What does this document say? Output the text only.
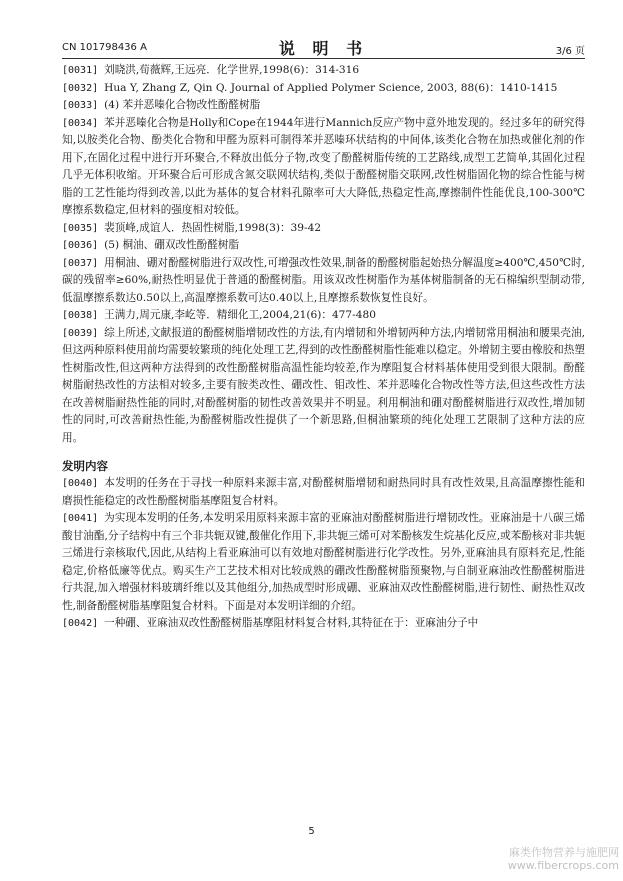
CN 101798436 A	说 明 书	3/6 页

[0031] 刘晓洪,荀薇辉,王远亮．化学世界,1998(6)：314-316

[0032] Hua Y, Zhang Z, Qin Q. Journal of Applied Polymer Science, 2003, 88(6)：1410-1415

[0033] (4) 苯并恶嗪化合物改性酚醛树脂

[0034] 苯并恶嗪化合物是Holly和Cope在1944年进行Mannich反应产物中意外地发现的。经过多年的研究得知,以胺类化合物、酚类化合物和甲醛为原料可制得苯并恶嗪环状结构的中间体,该类化合物在加热或催化剂的作用下,在固化过程中进行开环聚合,不释放出低分子物,改变了酚醛树脂传统的工艺路线,成型工艺简单,其固化过程几乎无体积收缩。开环聚合后可形成含氮交联网状结构,类似于酚醛树脂交联网,改性树脂固化物的综合性能与树脂的工艺性能均得到改善,以此为基体的复合材料孔隙率可大大降低,热稳定性高,摩擦制件性能优良,100-300℃摩擦系数稳定,但材料的强度相对较低。

[0035] 裴顶峰,成谊人．热固性树脂,1998(3)：39-42

[0036] (5) 桐油、硼双改性酚醛树脂

[0037] 用桐油、硼对酚醛树脂进行双改性,可增强改性效果,制备的酚醛树脂起始热分解温度≥400℃,450℃时,碳的残留率≥60%,耐热性明显优于普通的酚醛树脂。用该双改性树脂作为基体树脂制备的无石棉编织型制动带,低温摩擦系数达0.50以上,高温摩擦系数可达0.40以上,且摩擦系数恢复性良好。

[0038] 王满力,周元康,李屹等．精细化工,2004,21(6)：477-480

[0039] 综上所述,文献报道的酚醛树脂增韧改性的方法,有内增韧和外增韧两种方法,内增韧常用桐油和腰果壳油,但这两种原料使用前均需要较繁琐的纯化处理工艺,得到的改性酚醛树脂性能难以稳定。外增韧主要由橡胶和热塑性树脂改性,但这两种方法得到的改性酚醛树脂高温性能均较差,作为摩阻复合材料基体使用受到很大限制。酚醛树脂耐热改性的方法相对较多,主要有胺类改性、硼改性、钼改性、苯并恶嗪化合物改性等方法,但这些改性方法在改善树脂耐热性能的同时,对酚醛树脂的韧性改善效果并不明显。利用桐油和硼对酚醛树脂进行双改性,增加韧性的同时,可改善耐热性能,为酚醛树脂改性提供了一个新思路,但桐油繁琐的纯化处理工艺限制了这种方法的应用。

发明内容

[0040] 本发明的任务在于寻找一种原料来源丰富,对酚醛树脂增韧和耐热同时具有改性效果,且高温摩擦性能和磨损性能稳定的改性酚醛树脂基摩阻复合材料。

[0041] 为实现本发明的任务,本发明采用原料来源丰富的亚麻油对酚醛树脂进行增韧改性。亚麻油是十八碳三烯酸甘油酯,分子结构中有三个非共轭双键,酸催化作用下,非共轭三烯可对苯酚核发生烷基化反应,或苯酚核对非共轭三烯进行亲核取代,因此,从结构上看亚麻油可以有效地对酚醛树脂进行化学改性。另外,亚麻油具有原料充足,性能稳定,价格低廉等优点。购买生产工艺技术相对比较成熟的硼改性酚醛树脂预聚物,与自制亚麻油改性酚醛树脂进行共混,加入增强材料玻璃纤维以及其他组分,加热成型时形成硼、亚麻油双改性酚醛树脂,进行韧性、耐热性双改性,制备酚醛树脂基摩阻复合材料。下面是对本发明详细的介绍。

[0042] 一种硼、亚麻油双改性酚醛树脂基摩阻材料复合材料,其特征在于：亚麻油分子中

5
麻类作物营养与施肥网
www.fibercrops.com
